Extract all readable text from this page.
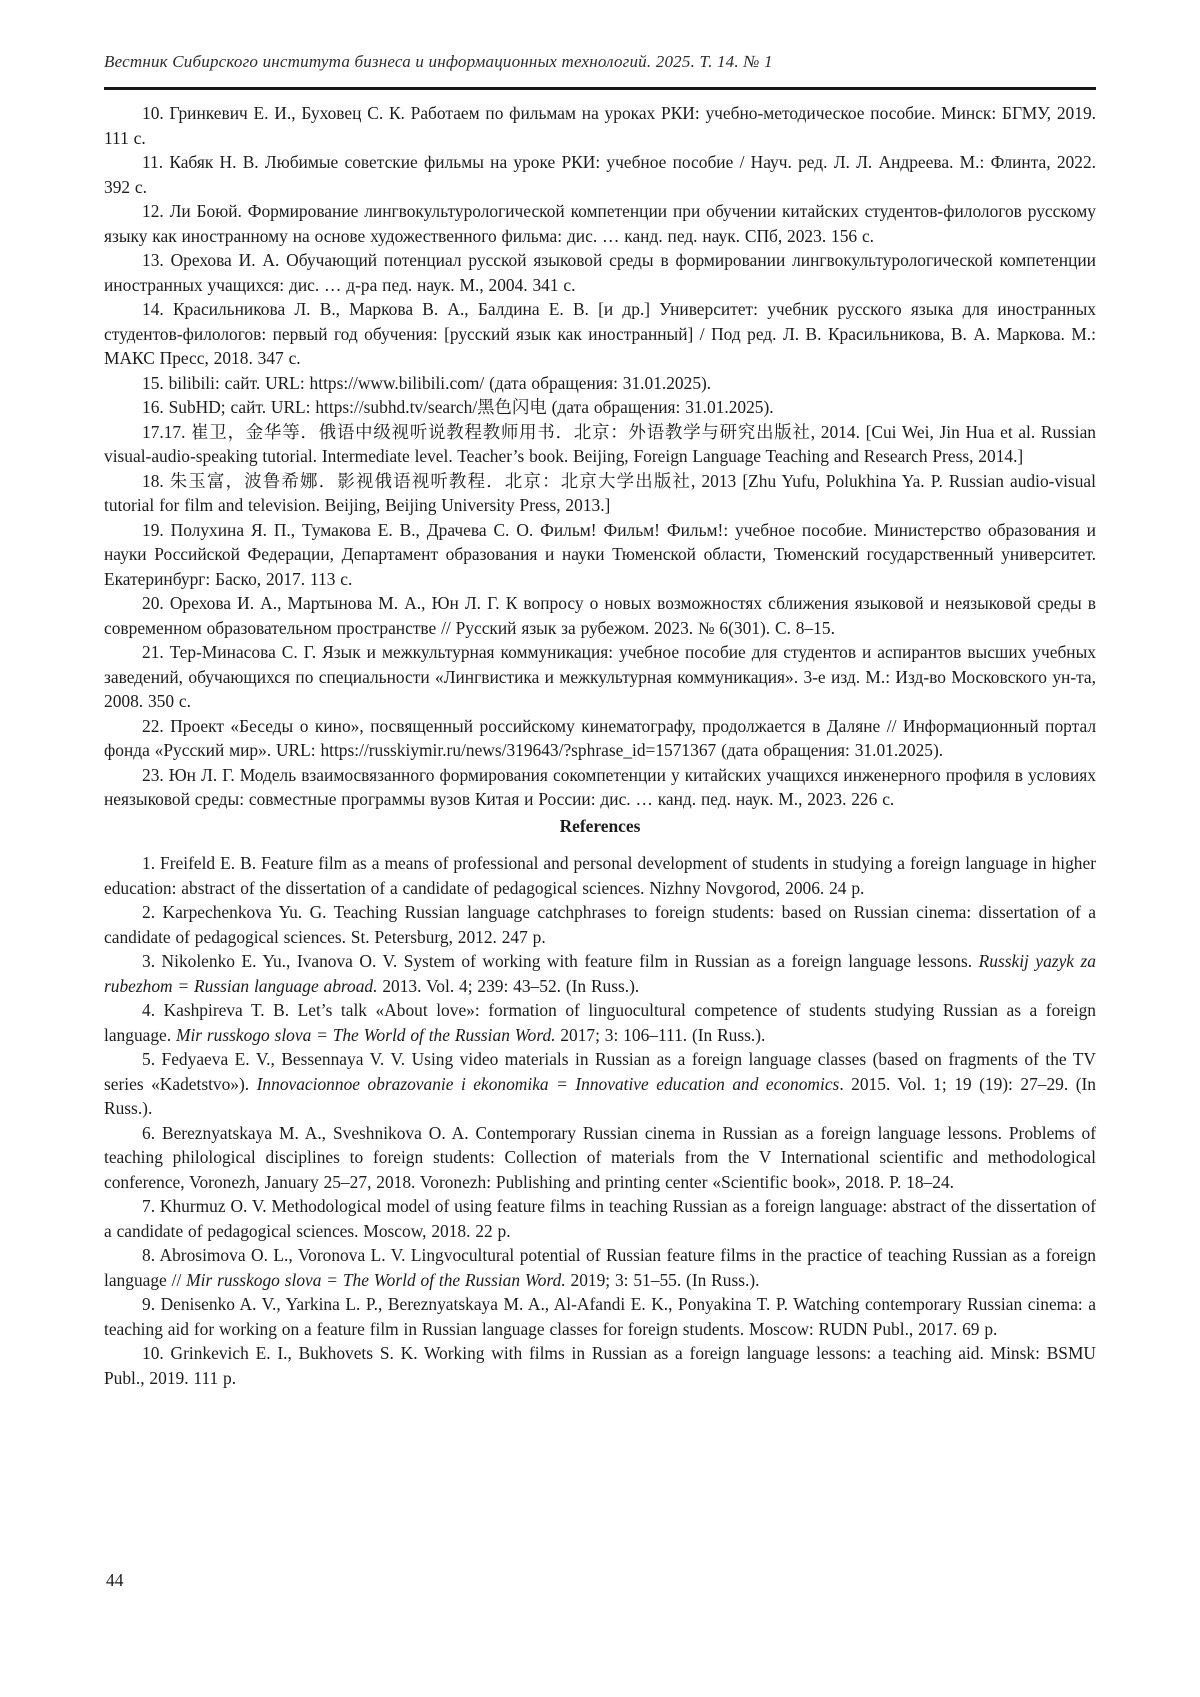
Вестник Сибирского института бизнеса и информационных технологий. 2025. Т. 14. № 1

10. Гринкевич Е. И., Буховец С. К. Работаем по фильмам на уроках РКИ: учебно-методическое пособие. Минск: БГМУ, 2019. 111 с.

11. Кабяк Н. В. Любимые советские фильмы на уроке РКИ: учебное пособие / Науч. ред. Л. Л. Андреева. М.: Флинта, 2022. 392 с.

12. Ли Боюй. Формирование лингвокультурологической компетенции при обучении китайских студентов-филологов русскому языку как иностранному на основе художественного фильма: дис. … канд. пед. наук. СПб, 2023. 156 с.

13. Орехова И. А. Обучающий потенциал русской языковой среды в формировании лингвокультурологической компетенции иностранных учащихся: дис. … д-ра пед. наук. М., 2004. 341 с.

14. Красильникова Л. В., Маркова В. А., Балдина Е. В. [и др.] Университет: учебник русского языка для иностранных студентов-филологов: первый год обучения: [русский язык как иностранный] / Под ред. Л. В. Красильникова, В. А. Маркова. М.: МАКС Пресс, 2018. 347 с.

15. bilibili: сайт. URL: https://www.bilibili.com/ (дата обращения: 31.01.2025).

16. SubHD; сайт. URL: https://subhd.tv/search/黑色闪电 (дата обращения: 31.01.2025).

17.17. 崔卫，金华等．俄语中级视听说教程教师用书．北京：外语教学与研究出版社, 2014. [Cui Wei, Jin Hua et al. Russian visual-audio-speaking tutorial. Intermediate level. Teacher’s book. Beijing, Foreign Language Teaching and Research Press, 2014.]

18. 朱玉富，波鲁希娜．影视俄语视听教程．北京：北京大学出版社, 2013 [Zhu Yufu, Polukhina Ya. P. Russian audio-visual tutorial for film and television. Beijing, Beijing University Press, 2013.]

19. Полухина Я. П., Тумакова Е. В., Драчева С. О. Фильм! Фильм! Фильм!: учебное пособие. Министерство образования и науки Российской Федерации, Департамент образования и науки Тюменской области, Тюменский государственный университет. Екатеринбург: Баско, 2017. 113 с.

20. Орехова И. А., Мартынова М. А., Юн Л. Г. К вопросу о новых возможностях сближения языковой и неязыковой среды в современном образовательном пространстве // Русский язык за рубежом. 2023. № 6(301). С. 8–15.

21. Тер-Минасова С. Г. Язык и межкультурная коммуникация: учебное пособие для студентов и аспирантов высших учебных заведений, обучающихся по специальности «Лингвистика и межкультурная коммуникация». 3-е изд. М.: Изд-во Московского ун-та, 2008. 350 с.

22. Проект «Беседы о кино», посвященный российскому кинематографу, продолжается в Даляне // Информационный портал фонда «Русский мир». URL: https://russkiymir.ru/news/319643/?sphrase_id=1571367 (дата обращения: 31.01.2025).

23. Юн Л. Г. Модель взаимосвязанного формирования сокомпетенции у китайских учащихся инженерного профиля в условиях неязыковой среды: совместные программы вузов Китая и России: дис. … канд. пед. наук. М., 2023. 226 с.

References

1. Freifeld E. B. Feature film as a means of professional and personal development of students in studying a foreign language in higher education: abstract of the dissertation of a candidate of pedagogical sciences. Nizhny Novgorod, 2006. 24 p.

2. Karpechenkova Yu. G. Teaching Russian language catchphrases to foreign students: based on Russian cinema: dissertation of a candidate of pedagogical sciences. St. Petersburg, 2012. 247 p.

3. Nikolenko E. Yu., Ivanova O. V. System of working with feature film in Russian as a foreign language lessons. Russkij yazyk za rubezhom = Russian language abroad. 2013. Vol. 4; 239: 43–52. (In Russ.).

4. Kashpireva T. B. Let’s talk «About love»: formation of linguocultural competence of students studying Russian as a foreign language. Mir russkogo slova = The World of the Russian Word. 2017; 3: 106–111. (In Russ.).

5. Fedyaeva E. V., Bessennaya V. V. Using video materials in Russian as a foreign language classes (based on fragments of the TV series «Kadetstvo»). Innovacionnoe obrazovanie i ekonomika = Innovative education and economics. 2015. Vol. 1; 19 (19): 27–29. (In Russ.).

6. Bereznyatskaya M. A., Sveshnikova O. A. Contemporary Russian cinema in Russian as a foreign language lessons. Problems of teaching philological disciplines to foreign students: Collection of materials from the V International scientific and methodological conference, Voronezh, January 25–27, 2018. Voronezh: Publishing and printing center «Scientific book», 2018. P. 18–24.

7. Khurmuz O. V. Methodological model of using feature films in teaching Russian as a foreign language: abstract of the dissertation of a candidate of pedagogical sciences. Moscow, 2018. 22 p.

8. Abrosimova O. L., Voronova L. V. Lingvocultural potential of Russian feature films in the practice of teaching Russian as a foreign language // Mir russkogo slova = The World of the Russian Word. 2019; 3: 51–55. (In Russ.).

9. Denisenko A. V., Yarkina L. P., Bereznyatskaya M. A., Al-Afandi E. K., Ponyakina T. P. Watching contemporary Russian cinema: a teaching aid for working on a feature film in Russian language classes for foreign students. Moscow: RUDN Publ., 2017. 69 p.

10. Grinkevich E. I., Bukhovets S. K. Working with films in Russian as a foreign language lessons: a teaching aid. Minsk: BSMU Publ., 2019. 111 p.

44
